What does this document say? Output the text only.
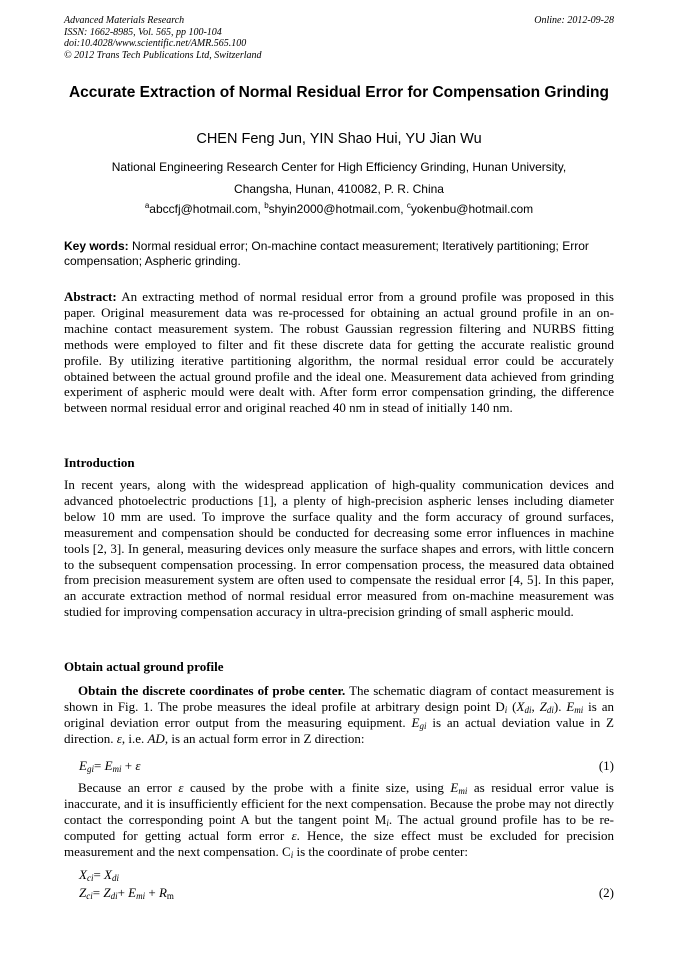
Advanced Materials Research
ISSN: 1662-8985, Vol. 565, pp 100-104
doi:10.4028/www.scientific.net/AMR.565.100
© 2012 Trans Tech Publications Ltd, Switzerland
Online: 2012-09-28
Accurate Extraction of Normal Residual Error for Compensation Grinding
CHEN Feng Jun, YIN Shao Hui, YU Jian Wu
National Engineering Research Center for High Efficiency Grinding, Hunan University,
Changsha, Hunan, 410082, P. R. China
$^a$abccfj@hotmail.com, $^b$shyin2000@hotmail.com, $^c$yokenbu@hotmail.com
Key words: Normal residual error; On-machine contact measurement; Iteratively partitioning; Error compensation; Aspheric grinding.
Abstract: An extracting method of normal residual error from a ground profile was proposed in this paper. Original measurement data was re-processed for obtaining an actual ground profile in an on-machine contact measurement system. The robust Gaussian regression filtering and NURBS fitting methods were employed to filter and fit these discrete data for getting the accurate realistic ground profile. By utilizing iterative partitioning algorithm, the normal residual error could be accurately obtained between the actual ground profile and the ideal one. Measurement data achieved from grinding experiment of aspheric mould were dealt with. After form error compensation grinding, the difference between normal residual error and original reached 40 nm in stead of initially 140 nm.
Introduction
In recent years, along with the widespread application of high-quality communication devices and advanced photoelectric productions [1], a plenty of high-precision aspheric lenses including diameter below 10 mm are used. To improve the surface quality and the form accuracy of ground surfaces, measurement and compensation should be conducted for decreasing some error influences in machine tools [2, 3]. In general, measuring devices only measure the surface shapes and errors, with little concern to the subsequent compensation processing. In error compensation process, the measured data obtained from precision measurement system are often used to compensate the residual error [4, 5]. In this paper, an accurate extraction method of normal residual error measured from on-machine measurement was studied for improving compensation accuracy in ultra-precision grinding of small aspheric mould.
Obtain actual ground profile
Obtain the discrete coordinates of probe center. The schematic diagram of contact measurement is shown in Fig. 1. The probe measures the ideal profile at arbitrary design point $D_i$ ($X_{di}$, $Z_{di}$). $E_{mi}$ is an original deviation error output from the measuring equipment. $E_{gi}$ is an actual deviation value in Z direction. ε, i.e. AD, is an actual form error in Z direction:
$E_{gi}= E_{mi} + \varepsilon$	(1)
Because an error ε caused by the probe with a finite size, using $E_{mi}$ as residual error value is inaccurate, and it is insufficiently efficient for the next compensation. Because the probe may not directly contact the corresponding point A but the tangent point $M_i$. The actual ground profile has to be re-computed for getting actual form error ε. Hence, the size effect must be excluded for precision measurement and the next compensation. $C_i$ is the coordinate of probe center:
$X_{ci}= X_{di}$
$Z_{ci}= Z_{di}+ E_{mi} + R_m$	(2)
